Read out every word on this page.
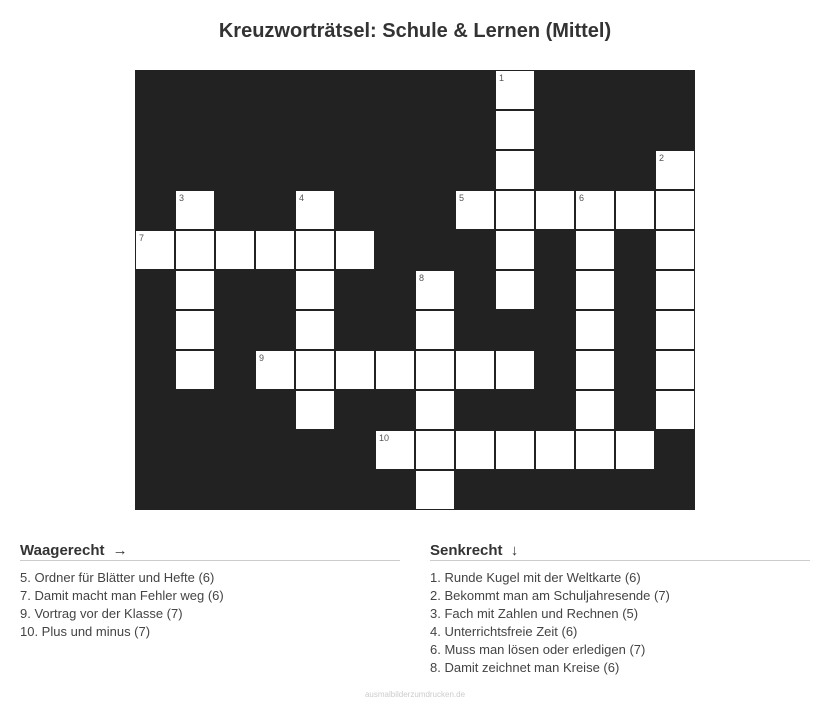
Kreuzworträtsel: Schule & Lernen (Mittel)
1
2
3	4	5	6
7
8
9
10
Waagerecht →
5. Ordner für Blätter und Hefte (6)
7. Damit macht man Fehler weg (6)
9. Vortrag vor der Klasse (7)
10. Plus und minus (7)
Senkrecht ↓
1. Runde Kugel mit der Weltkarte (6)
2. Bekommt man am Schuljahresende (7)
3. Fach mit Zahlen und Rechnen (5)
4. Unterrichtsfreie Zeit (6)
6. Muss man lösen oder erledigen (7)
8. Damit zeichnet man Kreise (6)
ausmalbilderzumdrucken.de
